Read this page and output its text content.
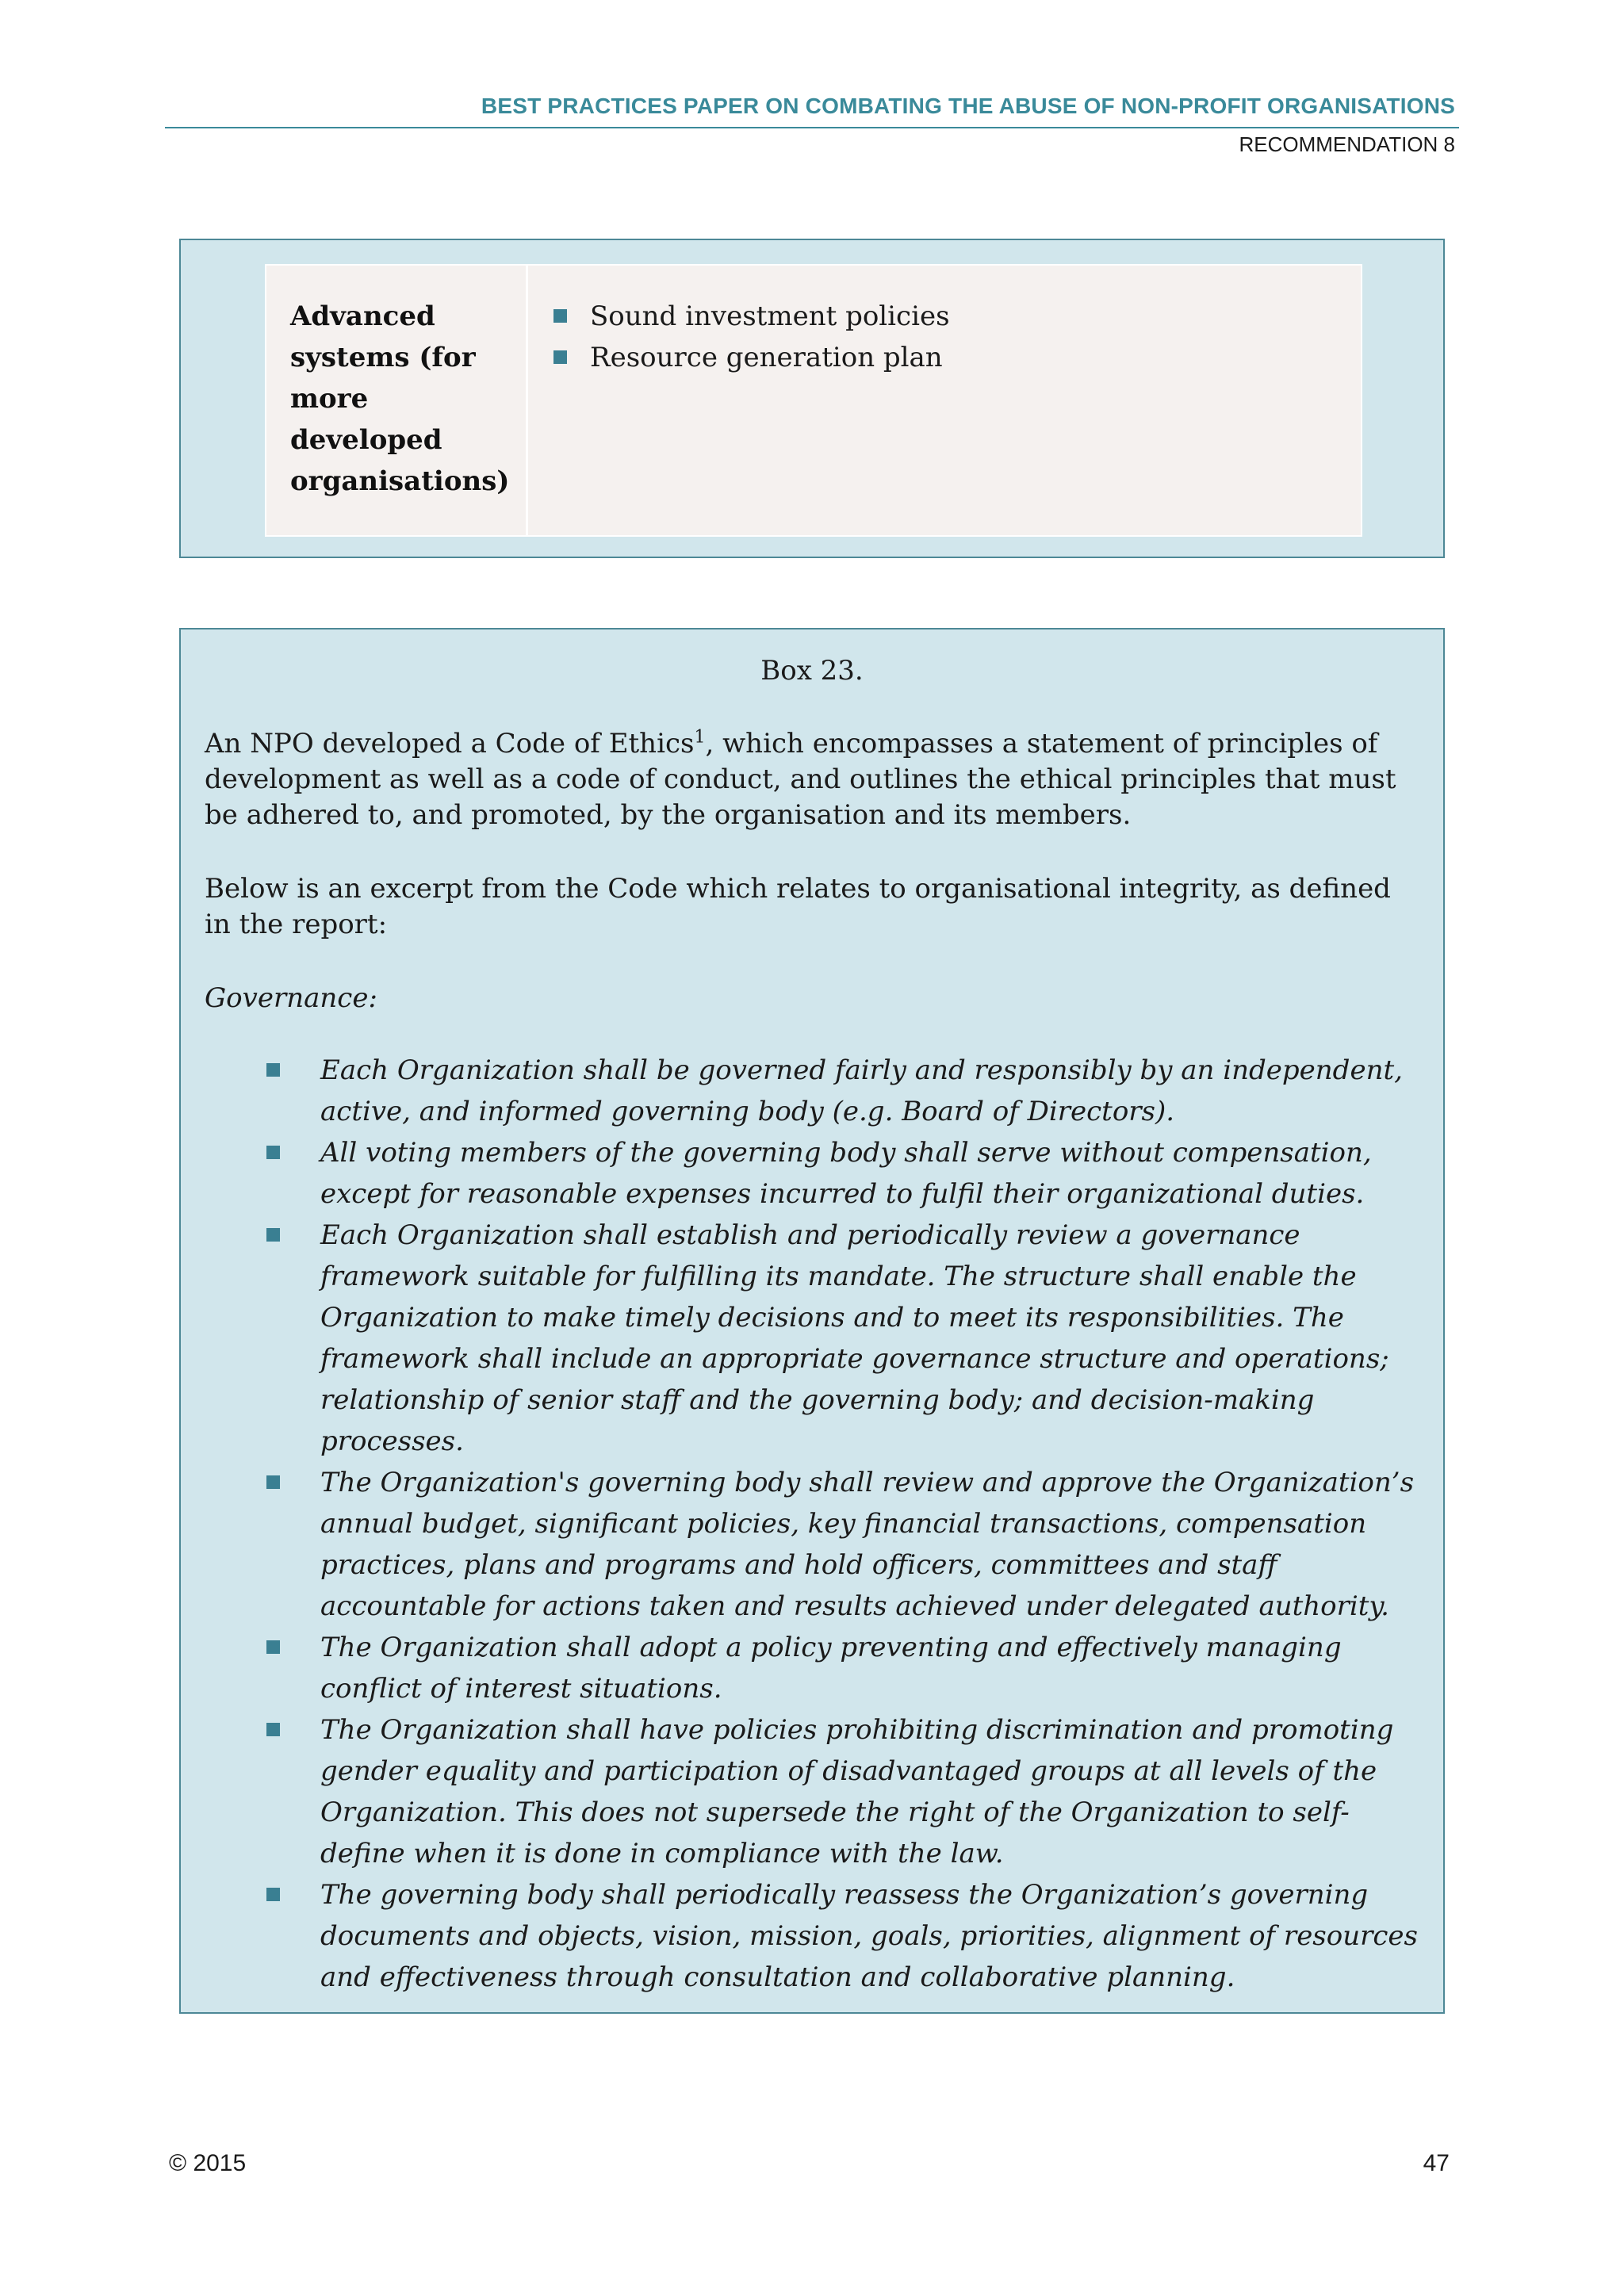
BEST PRACTICES PAPER ON COMBATING THE ABUSE OF NON-PROFIT ORGANISATIONS
RECOMMENDATION 8
Advanced systems (for more developed organisations)
Sound investment policies
Resource generation plan
Box 23.

An NPO developed a Code of Ethics$^1$, which encompasses a statement of principles of development as well as a code of conduct, and outlines the ethical principles that must be adhered to, and promoted, by the organisation and its members.

Below is an excerpt from the Code which relates to organisational integrity, as defined in the report:

Governance:

Each Organization shall be governed fairly and responsibly by an independent, active, and informed governing body (e.g. Board of Directors).
All voting members of the governing body shall serve without compensation, except for reasonable expenses incurred to fulfil their organizational duties.
Each Organization shall establish and periodically review a governance framework suitable for fulfilling its mandate. The structure shall enable the Organization to make timely decisions and to meet its responsibilities. The framework shall include an appropriate governance structure and operations; relationship of senior staff and the governing body; and decision-making processes.
The Organization's governing body shall review and approve the Organization’s annual budget, significant policies, key financial transactions, compensation practices, plans and programs and hold officers, committees and staff accountable for actions taken and results achieved under delegated authority.
The Organization shall adopt a policy preventing and effectively managing conflict of interest situations.
The Organization shall have policies prohibiting discrimination and promoting gender equality and participation of disadvantaged groups at all levels of the Organization. This does not supersede the right of the Organization to self-define when it is done in compliance with the law.
The governing body shall periodically reassess the Organization’s governing documents and objects, vision, mission, goals, priorities, alignment of resources and effectiveness through consultation and collaborative planning.
© 2015	47
